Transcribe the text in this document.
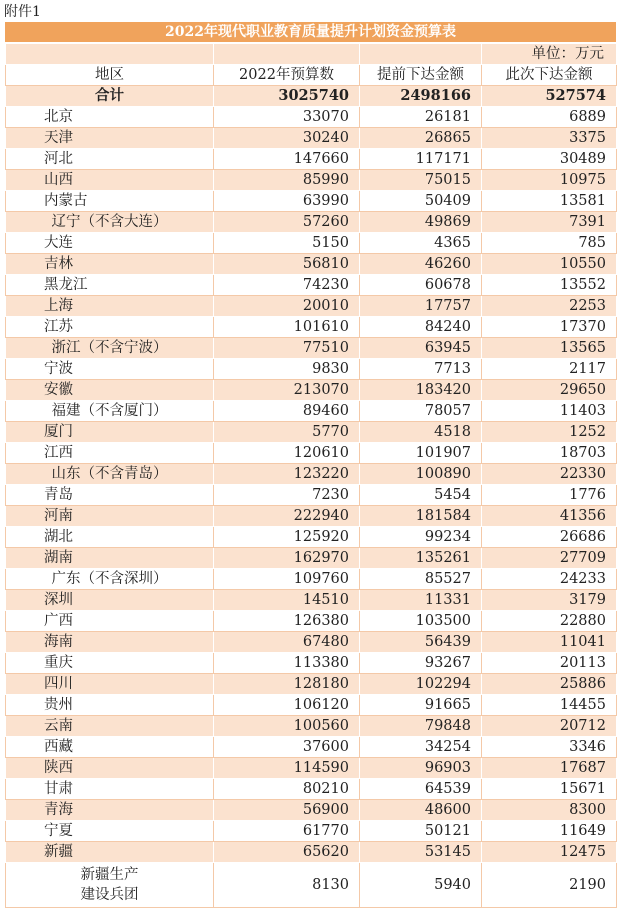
附件1
2022年现代职业教育质量提升计划资金预算表
			单位：万元
地区	2022年预算数	提前下达金额	此次下达金额
合计	3025740	2498166	527574
北京	33070	26181	6889
天津	30240	26865	3375
河北	147660	117171	30489
山西	85990	75015	10975
内蒙古	63990	50409	13581
辽宁（不含大连）	57260	49869	7391
大连	5150	4365	785
吉林	56810	46260	10550
黑龙江	74230	60678	13552
上海	20010	17757	2253
江苏	101610	84240	17370
浙江（不含宁波）	77510	63945	13565
宁波	9830	7713	2117
安徽	213070	183420	29650
福建（不含厦门）	89460	78057	11403
厦门	5770	4518	1252
江西	120610	101907	18703
山东（不含青岛）	123220	100890	22330
青岛	7230	5454	1776
河南	222940	181584	41356
湖北	125920	99234	26686
湖南	162970	135261	27709
广东（不含深圳）	109760	85527	24233
深圳	14510	11331	3179
广西	126380	103500	22880
海南	67480	56439	11041
重庆	113380	93267	20113
四川	128180	102294	25886
贵州	106120	91665	14455
云南	100560	79848	20712
西藏	37600	34254	3346
陕西	114590	96903	17687
甘肃	80210	64539	15671
青海	56900	48600	8300
宁夏	61770	50121	11649
新疆	65620	53145	12475

新疆生产
建设兵团	8130	5940	2190
